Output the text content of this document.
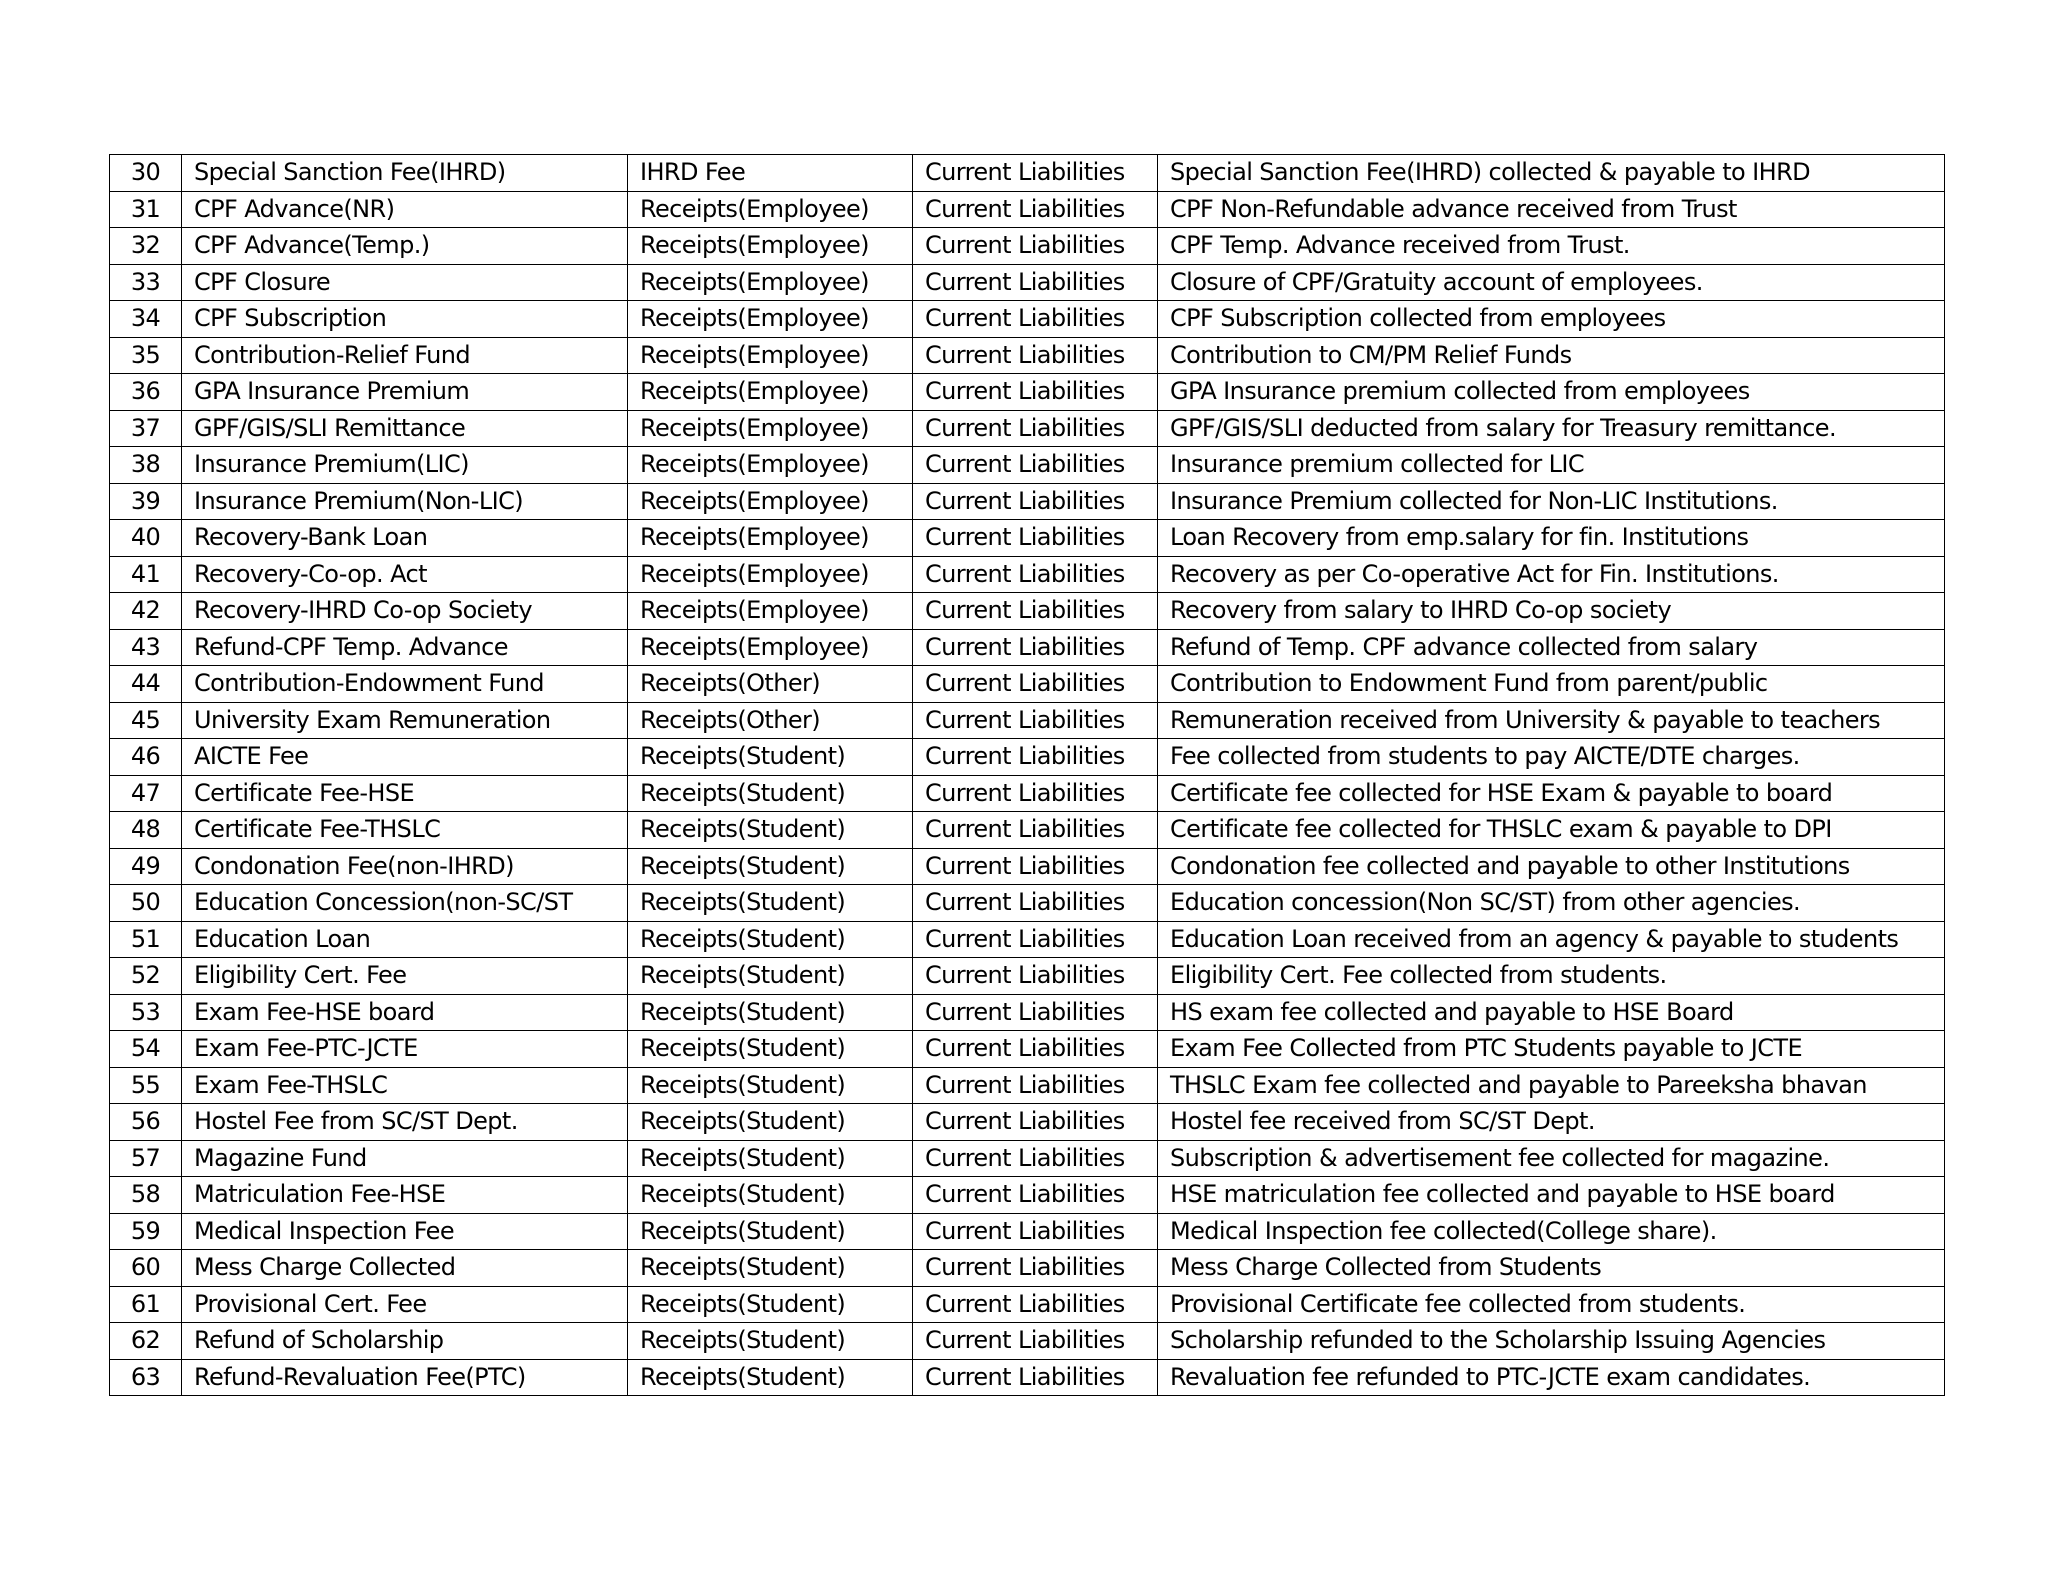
30	Special Sanction Fee(IHRD)	IHRD Fee	Current Liabilities	Special Sanction Fee(IHRD) collected & payable to IHRD
31	CPF Advance(NR)	Receipts(Employee)	Current Liabilities	CPF Non-Refundable advance received from Trust
32	CPF Advance(Temp.)	Receipts(Employee)	Current Liabilities	CPF Temp. Advance received from Trust.
33	CPF Closure	Receipts(Employee)	Current Liabilities	Closure of CPF/Gratuity account of employees.
34	CPF Subscription	Receipts(Employee)	Current Liabilities	CPF Subscription collected from employees
35	Contribution-Relief Fund	Receipts(Employee)	Current Liabilities	Contribution to CM/PM Relief Funds
36	GPA Insurance Premium	Receipts(Employee)	Current Liabilities	GPA Insurance premium collected from employees
37	GPF/GIS/SLI Remittance	Receipts(Employee)	Current Liabilities	GPF/GIS/SLI deducted from salary for Treasury remittance.
38	Insurance Premium(LIC)	Receipts(Employee)	Current Liabilities	Insurance premium collected for LIC
39	Insurance Premium(Non-LIC)	Receipts(Employee)	Current Liabilities	Insurance Premium collected for Non-LIC Institutions.
40	Recovery-Bank Loan	Receipts(Employee)	Current Liabilities	Loan Recovery from emp.salary for fin. Institutions
41	Recovery-Co-op. Act	Receipts(Employee)	Current Liabilities	Recovery as per Co-operative Act for Fin. Institutions.
42	Recovery-IHRD Co-op Society	Receipts(Employee)	Current Liabilities	Recovery from salary to IHRD Co-op society
43	Refund-CPF Temp. Advance	Receipts(Employee)	Current Liabilities	Refund of Temp. CPF advance collected from salary
44	Contribution-Endowment Fund	Receipts(Other)	Current Liabilities	Contribution to Endowment Fund from parent/public
45	University Exam Remuneration	Receipts(Other)	Current Liabilities	Remuneration received from University & payable to teachers
46	AICTE Fee	Receipts(Student)	Current Liabilities	Fee collected from students to pay AICTE/DTE charges.
47	Certificate Fee-HSE	Receipts(Student)	Current Liabilities	Certificate fee collected for HSE Exam & payable to board
48	Certificate Fee-THSLC	Receipts(Student)	Current Liabilities	Certificate fee collected for THSLC exam & payable to DPI
49	Condonation Fee(non-IHRD)	Receipts(Student)	Current Liabilities	Condonation fee collected and payable to other Institutions
50	Education Concession(non-SC/ST	Receipts(Student)	Current Liabilities	Education concession(Non SC/ST) from other agencies.
51	Education Loan	Receipts(Student)	Current Liabilities	Education Loan received from an agency & payable to students
52	Eligibility Cert. Fee	Receipts(Student)	Current Liabilities	Eligibility Cert. Fee collected from students.
53	Exam Fee-HSE board	Receipts(Student)	Current Liabilities	HS exam fee collected and payable to HSE Board
54	Exam Fee-PTC-JCTE	Receipts(Student)	Current Liabilities	Exam Fee Collected from PTC Students payable to JCTE
55	Exam Fee-THSLC	Receipts(Student)	Current Liabilities	THSLC Exam fee collected and payable to Pareeksha bhavan
56	Hostel Fee from SC/ST Dept.	Receipts(Student)	Current Liabilities	Hostel fee received from SC/ST Dept.
57	Magazine Fund	Receipts(Student)	Current Liabilities	Subscription & advertisement fee collected for magazine.
58	Matriculation Fee-HSE	Receipts(Student)	Current Liabilities	HSE matriculation fee collected and payable to HSE board
59	Medical Inspection Fee	Receipts(Student)	Current Liabilities	Medical Inspection fee collected(College share).
60	Mess Charge Collected	Receipts(Student)	Current Liabilities	Mess Charge Collected from Students
61	Provisional Cert. Fee	Receipts(Student)	Current Liabilities	Provisional Certificate fee collected from students.
62	Refund of Scholarship	Receipts(Student)	Current Liabilities	Scholarship refunded to the Scholarship Issuing Agencies
63	Refund-Revaluation Fee(PTC)	Receipts(Student)	Current Liabilities	Revaluation fee refunded to PTC-JCTE exam candidates.
